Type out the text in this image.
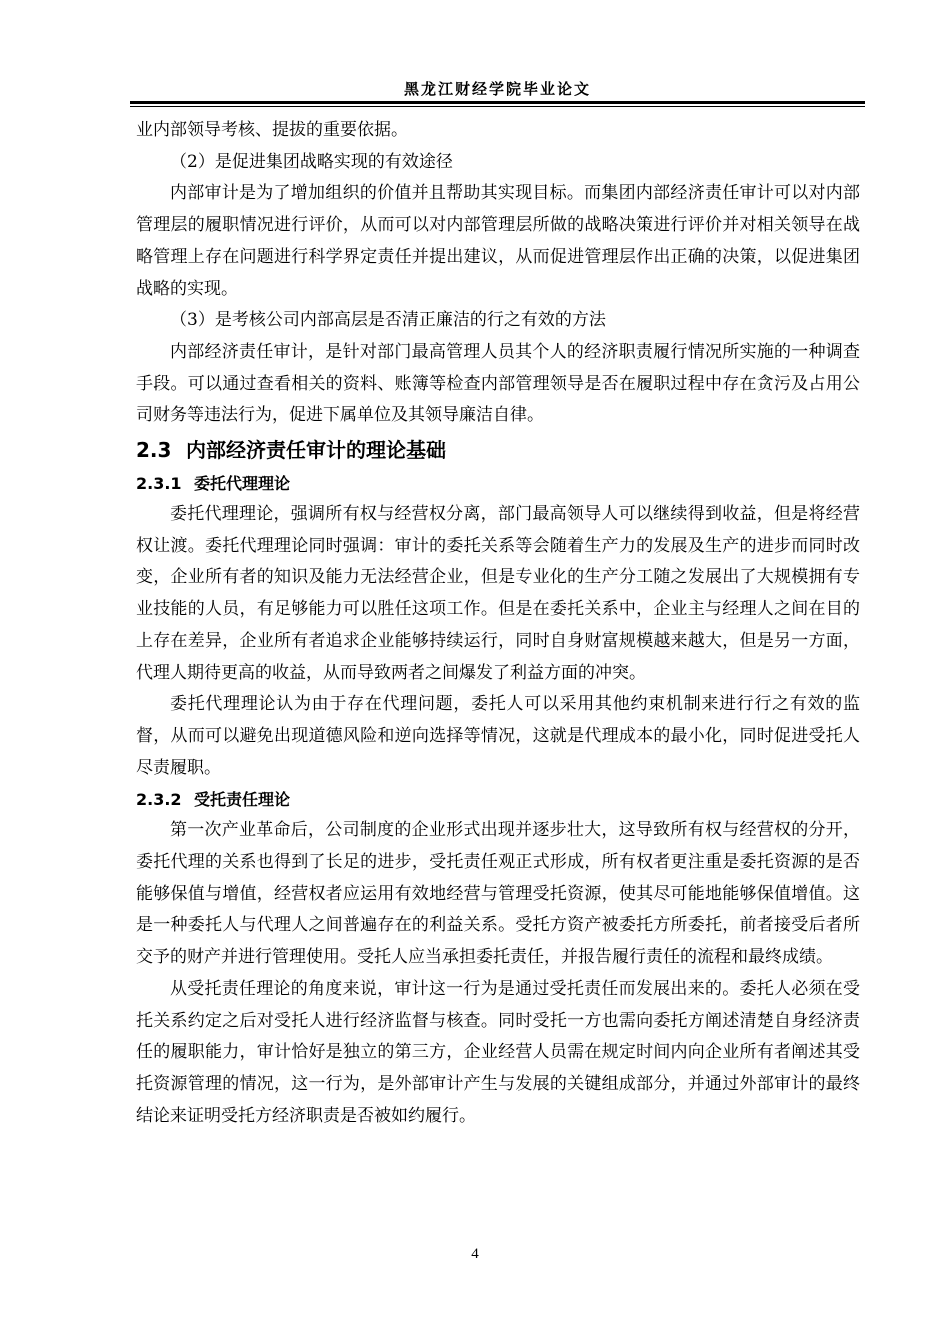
黑龙江财经学院毕业论文

业内部领导考核、提拔的重要依据。

（2）是促进集团战略实现的有效途径

内部审计是为了增加组织的价值并且帮助其实现目标。而集团内部经济责任审计可以对内部管理层的履职情况进行评价，从而可以对内部管理层所做的战略决策进行评价并对相关领导在战略管理上存在问题进行科学界定责任并提出建议，从而促进管理层作出正确的决策，以促进集团战略的实现。

（3）是考核公司内部高层是否清正廉洁的行之有效的方法

内部经济责任审计，是针对部门最高管理人员其个人的经济职责履行情况所实施的一种调查手段。可以通过查看相关的资料、账簿等检查内部管理领导是否在履职过程中存在贪污及占用公司财务等违法行为，促进下属单位及其领导廉洁自律。

2.3 内部经济责任审计的理论基础
2.3.1 委托代理理论

委托代理理论，强调所有权与经营权分离，部门最高领导人可以继续得到收益，但是将经营权让渡。委托代理理论同时强调：审计的委托关系等会随着生产力的发展及生产的进步而同时改变，企业所有者的知识及能力无法经营企业，但是专业化的生产分工随之发展出了大规模拥有专业技能的人员，有足够能力可以胜任这项工作。但是在委托关系中，企业主与经理人之间在目的上存在差异，企业所有者追求企业能够持续运行，同时自身财富规模越来越大，但是另一方面，代理人期待更高的收益，从而导致两者之间爆发了利益方面的冲突。

委托代理理论认为由于存在代理问题，委托人可以采用其他约束机制来进行行之有效的监督，从而可以避免出现道德风险和逆向选择等情况，这就是代理成本的最小化，同时促进受托人尽责履职。

2.3.2 受托责任理论

第一次产业革命后，公司制度的企业形式出现并逐步壮大，这导致所有权与经营权的分开，委托代理的关系也得到了长足的进步，受托责任观正式形成，所有权者更注重是委托资源的是否能够保值与增值，经营权者应运用有效地经营与管理受托资源，使其尽可能地能够保值增值。这是一种委托人与代理人之间普遍存在的利益关系。受托方资产被委托方所委托，前者接受后者所交予的财产并进行管理使用。受托人应当承担委托责任，并报告履行责任的流程和最终成绩。

从受托责任理论的角度来说，审计这一行为是通过受托责任而发展出来的。委托人必须在受托关系约定之后对受托人进行经济监督与核查。同时受托一方也需向委托方阐述清楚自身经济责任的履职能力，审计恰好是独立的第三方，企业经营人员需在规定时间内向企业所有者阐述其受托资源管理的情况，这一行为，是外部审计产生与发展的关键组成部分，并通过外部审计的最终结论来证明受托方经济职责是否被如约履行。

4
